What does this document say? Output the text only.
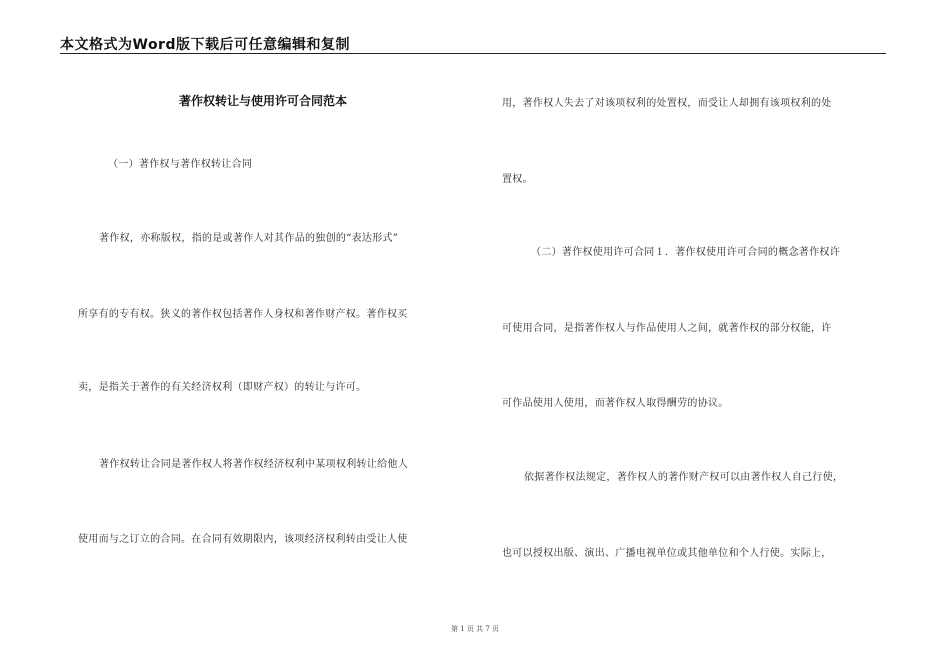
本文格式为Word版下载后可任意编辑和复制
著作权转让与使用许可合同范本
（一）著作权与著作权转让合同
著作权，亦称版权，指的是或著作人对其作品的独创的“表达形式”
所享有的专有权。狭义的著作权包括著作人身权和著作财产权。著作权买
卖，是指关于著作的有关经济权利（即财产权）的转让与许可。
著作权转让合同是著作权人将著作权经济权利中某项权利转让给他人
使用而与之订立的合同。在合同有效期限内，该项经济权利转由受让人使
用，著作权人失去了对该项权利的处置权，而受让人却拥有该项权利的处
置权。
（二）著作权使用许可合同１．著作权使用许可合同的概念著作权许
可使用合同，是指著作权人与作品使用人之间，就著作权的部分权能，许
可作品使用人使用，而著作权人取得酬劳的协议。
依据著作权法规定，著作权人的著作财产权可以由著作权人自己行使，
也可以授权出版、演出、广播电视单位或其他单位和个人行使。实际上，
第 1 页 共 7 页
